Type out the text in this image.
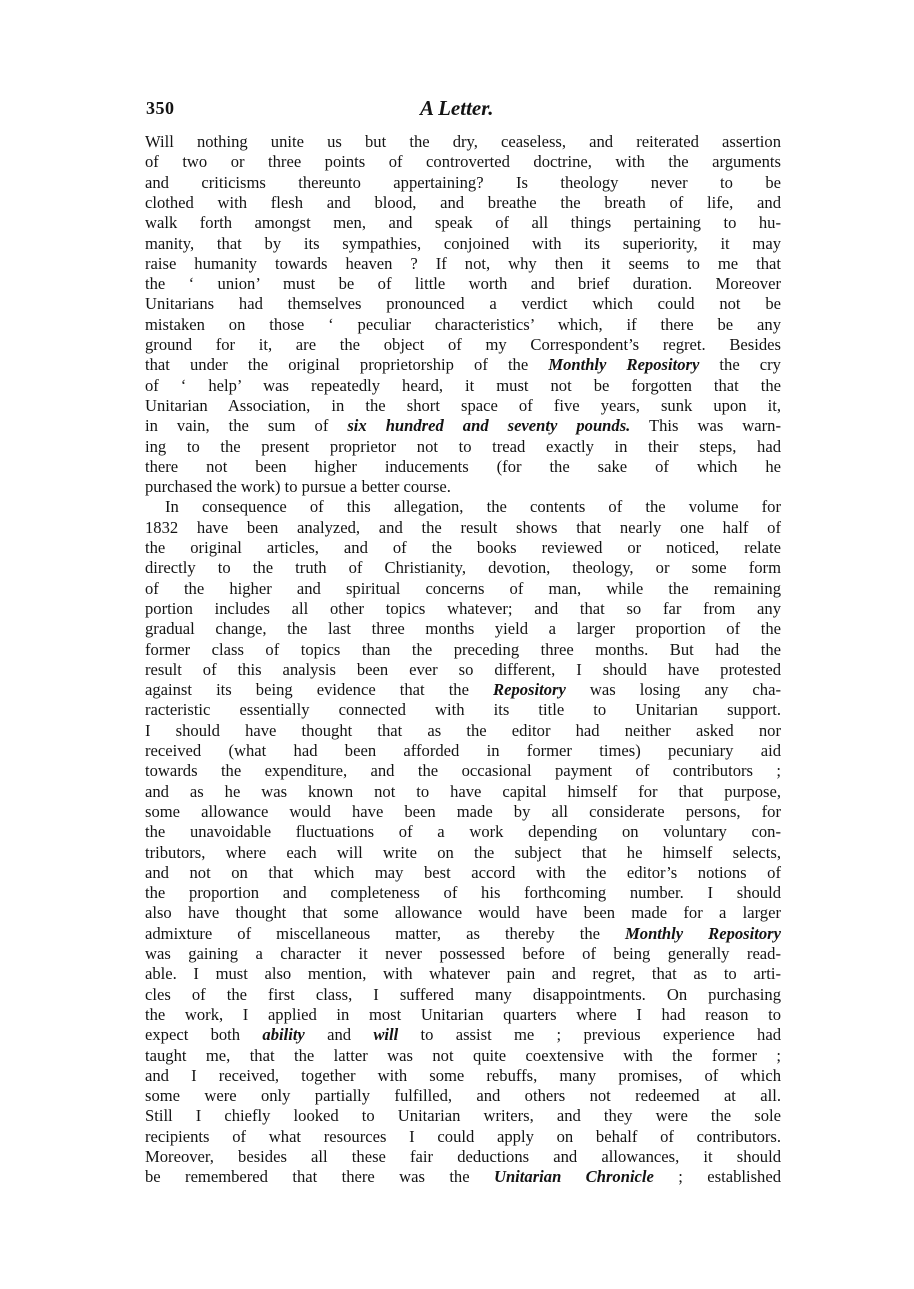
350	A Letter.
Will nothing unite us but the dry, ceaseless, and reiterated assertion
of two or three points of controverted doctrine, with the arguments
and criticisms thereunto appertaining? Is theology never to be
clothed with flesh and blood, and breathe the breath of life, and
walk forth amongst men, and speak of all things pertaining to hu-
manity, that by its sympathies, conjoined with its superiority, it may
raise humanity towards heaven ? If not, why then it seems to me that
the ‘ union’ must be of little worth and brief duration. Moreover
Unitarians had themselves pronounced a verdict which could not be
mistaken on those ‘ peculiar characteristics’ which, if there be any
ground for it, are the object of my Correspondent’s regret. Besides
that under the original proprietorship of the Monthly Repository the cry
of ‘ help’ was repeatedly heard, it must not be forgotten that the
Unitarian Association, in the short space of five years, sunk upon it,
in vain, the sum of six hundred and seventy pounds. This was warn-
ing to the present proprietor not to tread exactly in their steps, had
there not been higher inducements (for the sake of which he
purchased the work) to pursue a better course.
In consequence of this allegation, the contents of the volume for
1832 have been analyzed, and the result shows that nearly one half of
the original articles, and of the books reviewed or noticed, relate
directly to the truth of Christianity, devotion, theology, or some form
of the higher and spiritual concerns of man, while the remaining
portion includes all other topics whatever; and that so far from any
gradual change, the last three months yield a larger proportion of the
former class of topics than the preceding three months. But had the
result of this analysis been ever so different, I should have protested
against its being evidence that the Repository was losing any cha-
racteristic essentially connected with its title to Unitarian support.
I should have thought that as the editor had neither asked nor
received (what had been afforded in former times) pecuniary aid
towards the expenditure, and the occasional payment of contributors ;
and as he was known not to have capital himself for that purpose,
some allowance would have been made by all considerate persons, for
the unavoidable fluctuations of a work depending on voluntary con-
tributors, where each will write on the subject that he himself selects,
and not on that which may best accord with the editor’s notions of
the proportion and completeness of his forthcoming number. I should
also have thought that some allowance would have been made for a larger
admixture of miscellaneous matter, as thereby the Monthly Repository
was gaining a character it never possessed before of being generally read-
able. I must also mention, with whatever pain and regret, that as to arti-
cles of the first class, I suffered many disappointments. On purchasing
the work, I applied in most Unitarian quarters where I had reason to
expect both ability and will to assist me ; previous experience had
taught me, that the latter was not quite coextensive with the former ;
and I received, together with some rebuffs, many promises, of which
some were only partially fulfilled, and others not redeemed at all.
Still I chiefly looked to Unitarian writers, and they were the sole
recipients of what resources I could apply on behalf of contributors.
Moreover, besides all these fair deductions and allowances, it should
be remembered that there was the Unitarian Chronicle ; established
